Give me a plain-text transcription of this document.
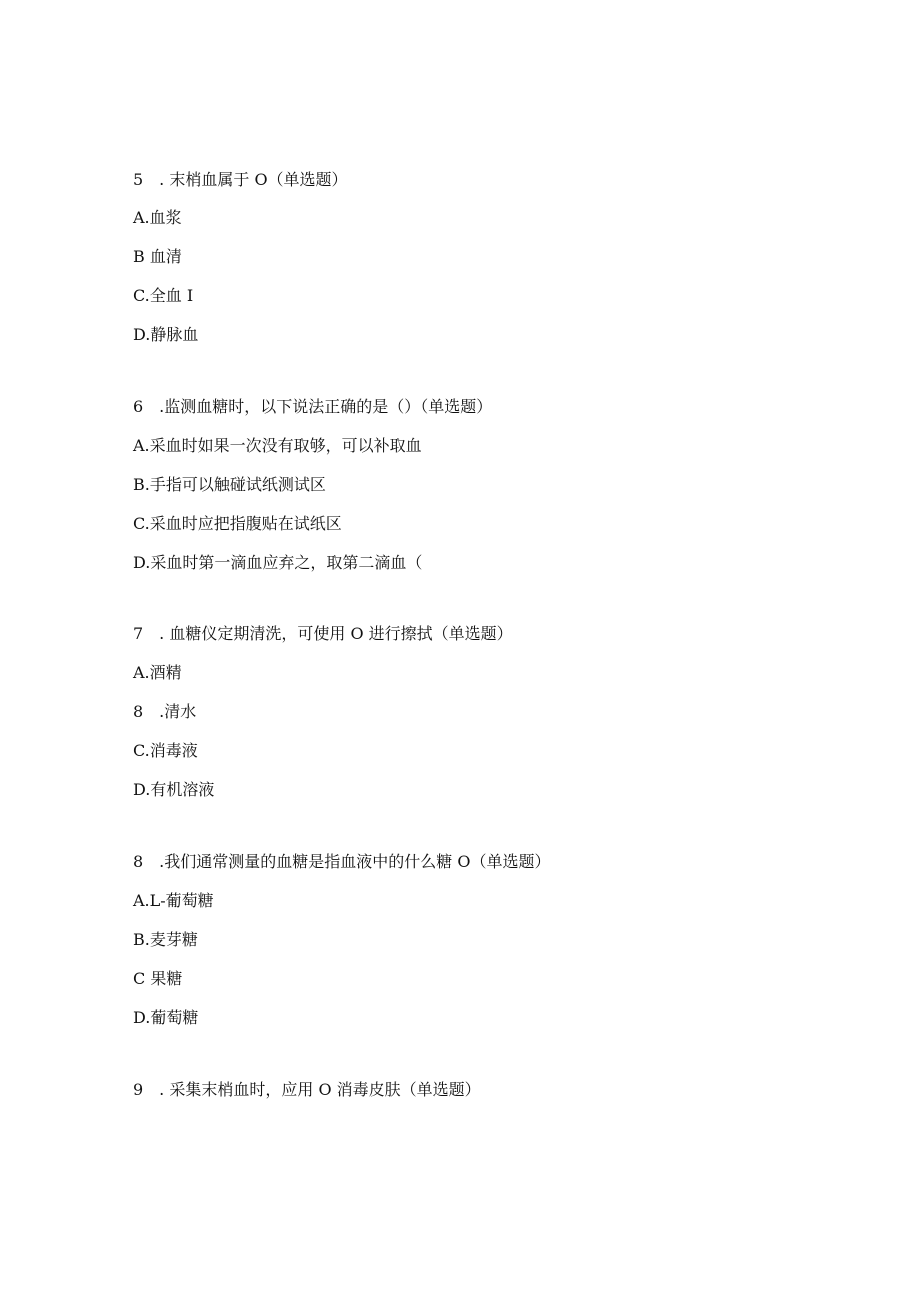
5　. 末梢血属于 O（单选题）
A.血浆
B 血清
C.全血 I
D.静脉血
6　.监测血糖时，以下说法正确的是（）（单选题）
A.采血时如果一次没有取够，可以补取血
B.手指可以触碰试纸测试区
C.采血时应把指腹贴在试纸区
D.采血时第一滴血应弃之，取第二滴血（
7　. 血糖仪定期清洗，可使用 O 进行擦拭（单选题）
A.酒精
8　.清水
C.消毒液
D.有机溶液
8　.我们通常测量的血糖是指血液中的什么糖 O（单选题）
A.L-葡萄糖
B.麦芽糖
C 果糖
D.葡萄糖
9　. 采集末梢血时，应用 O 消毒皮肤（单选题）
